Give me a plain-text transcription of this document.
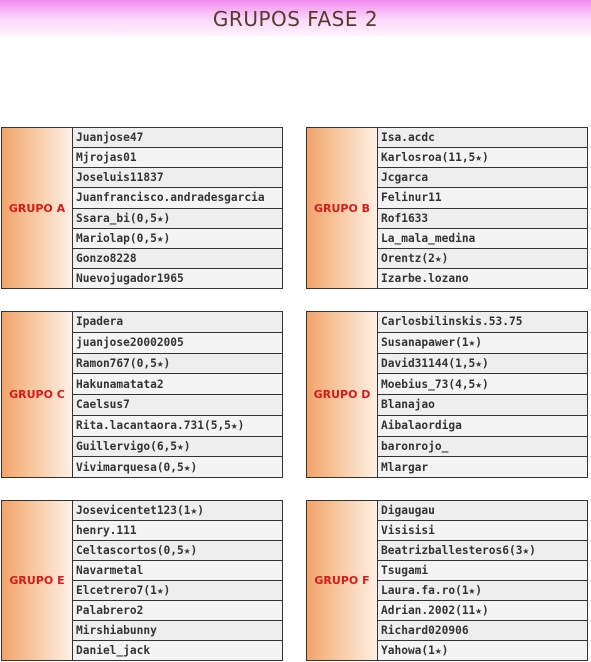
GRUPOS FASE 2
GRUPO A
Juanjose47
Mjrojas01
Joseluis11837
Juanfrancisco.andradesgarcia
Ssara_bi(0,5★)
Mariolap(0,5★)
Gonzo8228
Nuevojugador1965
GRUPO B
Isa.acdc
Karlosroa(11,5★)
Jcgarca
Felinur11
Rof1633
La_mala_medina
Orentz(2★)
Izarbe.lozano
GRUPO C
Ipadera
juanjose20002005
Ramon767(0,5★)
Hakunamatata2
Caelsus7
Rita.lacantaora.731(5,5★)
Guillervigo(6,5★)
Vivimarquesa(0,5★)
GRUPO D
Carlosbilinskis.53.75
Susanapawer(1★)
David31144(1,5★)
Moebius_73(4,5★)
Blanajao
Aibalaordiga
baronrojo_
Mlargar
GRUPO E
Josevicentet123(1★)
henry.111
Celtascortos(0,5★)
Navarmetal
Elcetrero7(1★)
Palabrero2
Mirshiabunny
Daniel_jack
GRUPO F
Digaugau
Visisisi
Beatrizballesteros6(3★)
Tsugami
Laura.fa.ro(1★)
Adrian.2002(11★)
Richard020906
Yahowa(1★)
